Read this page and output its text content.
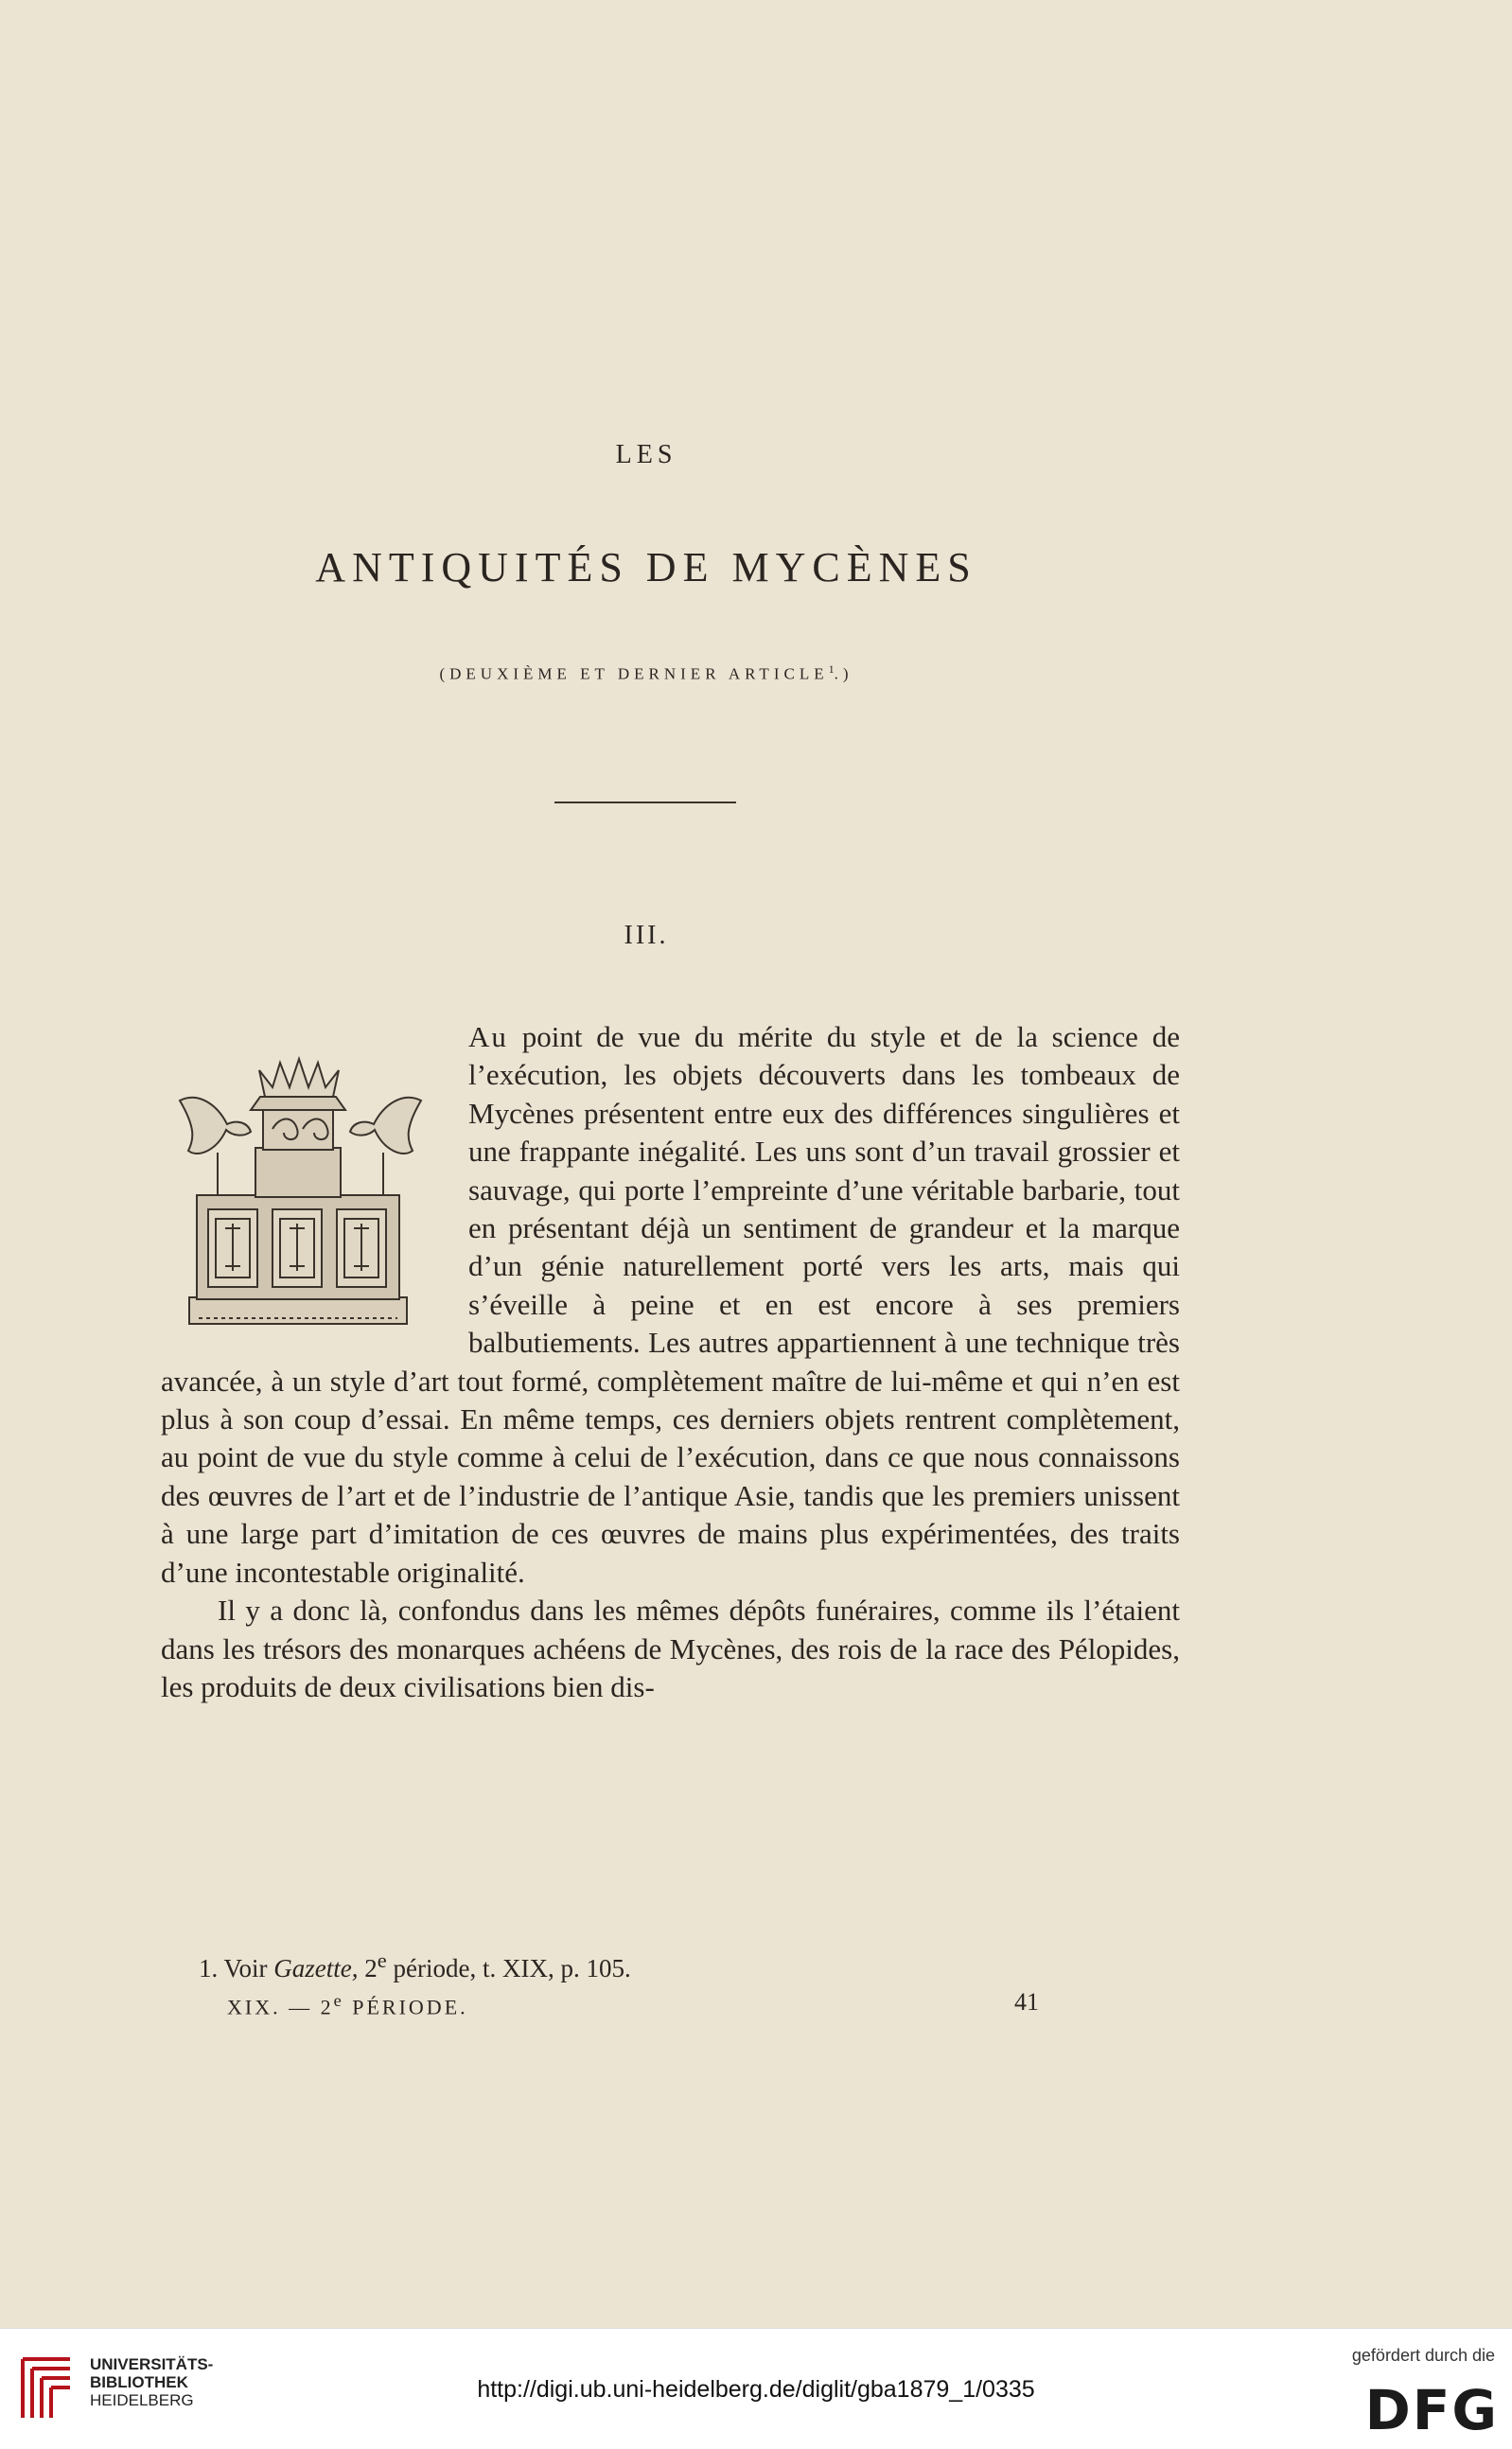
LES
ANTIQUITÉS DE MYCÈNES
(DEUXIÈME ET DERNIER ARTICLE$^1$.)
III.

Au point de vue du mérite du style et de la science de l’exécution, les objets découverts dans les tombeaux de Mycènes présentent entre eux des différences singulières et une frappante inégalité. Les uns sont d’un travail grossier et sauvage, qui porte l’empreinte d’une véritable barbarie, tout en présentant déjà un sentiment de grandeur et la marque d’un génie naturellement porté vers les arts, mais qui s’éveille à peine et en est encore à ses premiers balbutiements. Les autres appartiennent à une technique très avancée, à un style d’art tout formé, complètement maître de lui-même et qui n’en est plus à son coup d’essai. En même temps, ces derniers objets rentrent complètement, au point de vue du style comme à celui de l’exécution, dans ce que nous connaissons des œuvres de l’art et de l’industrie de l’antique Asie, tandis que les premiers unissent à une large part d’imitation de ces œuvres de mains plus expérimentées, des traits d’une incontestable originalité.

Il y a donc là, confondus dans les mêmes dépôts funéraires, comme ils l’étaient dans les trésors des monarques achéens de Mycènes, des rois de la race des Pélopides, les produits de deux civilisations bien dis-

1. Voir Gazette, 2e période, t. XIX, p. 105.
XIX. — 2e PÉRIODE.	41
UNIVERSITÄTS-
BIBLIOTHEK
HEIDELBERG	http://digi.ub.uni-heidelberg.de/diglit/gba1879_1/0335
gefördert durch die
DFG
